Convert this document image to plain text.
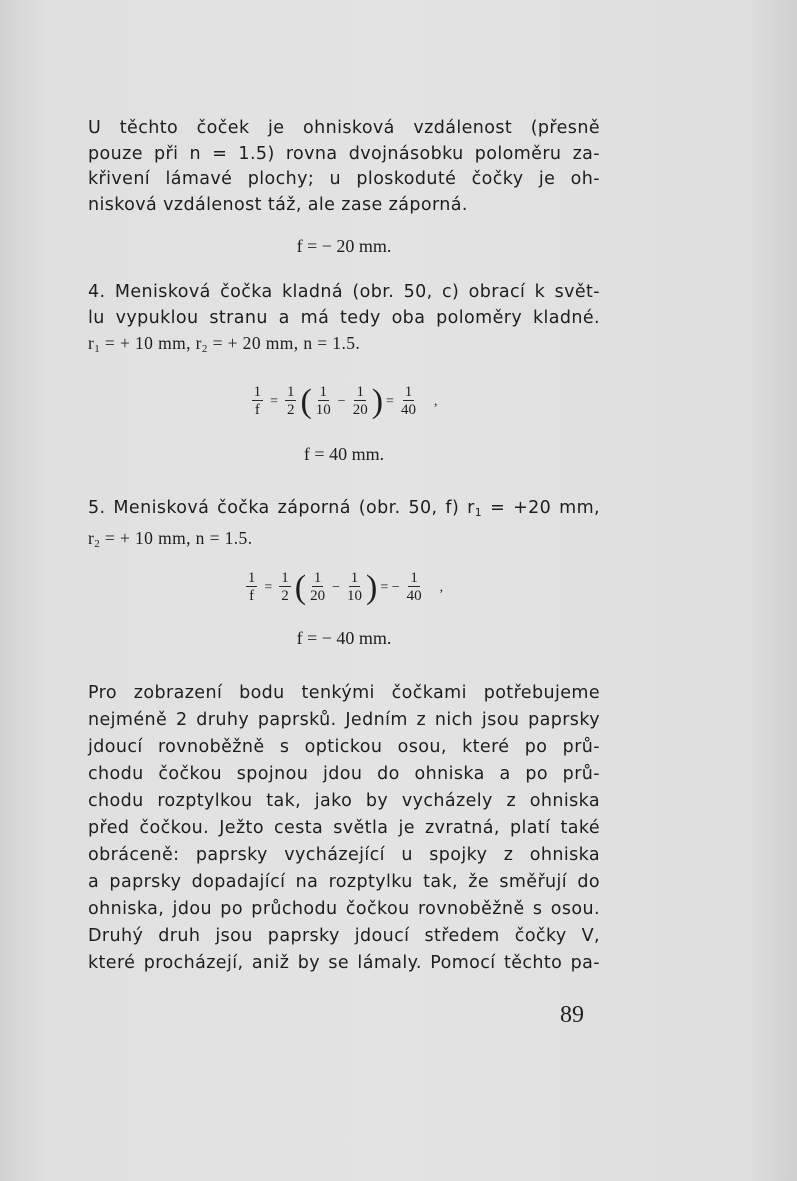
U těchto čoček je ohnisková vzdálenost (přesně
pouze při n = 1.5) rovna dvojnásobku poloměru za-
křivení lámavé plochy; u ploskoduté čočky je oh-
nisková vzdálenost táž, ale zase záporná.
f = − 20 mm.
4. Menisková čočka kladná (obr. 50, c) obrací k svět-
lu vypuklou stranu a má tedy oba poloměry kladné.
$r_1$ = + 10 mm, $r_2$ = + 20 mm, n = 1.5.
$\frac{1}{f} = \frac{1}{2}$ ( $\frac{1}{10} - \frac{1}{20}$ ) = $\frac{1}{40}$ ,
f = 40 mm.
5. Menisková čočka záporná (obr. 50, f) $r_1 = +20$ mm,
$r_2$ = + 10 mm, n = 1.5.
$\frac{1}{f} = \frac{1}{2}$ ( $\frac{1}{20} - \frac{1}{10}$ ) = − $\frac{1}{40}$ ,
f = − 40 mm.
Pro zobrazení bodu tenkými čočkami potřebujeme
nejméně 2 druhy paprsků. Jedním z nich jsou paprsky
jdoucí rovnoběžně s optickou osou, které po prů-
chodu čočkou spojnou jdou do ohniska a po prů-
chodu rozptylkou tak, jako by vycházely z ohniska
před čočkou. Ježto cesta světla je zvratná, platí také
obráceně: paprsky vycházející u spojky z ohniska
a paprsky dopadající na rozptylku tak, že směřují do
ohniska, jdou po průchodu čočkou rovnoběžně s osou.
Druhý druh jsou paprsky jdoucí středem čočky V,
které procházejí, aniž by se lámaly. Pomocí těchto pa-
89
